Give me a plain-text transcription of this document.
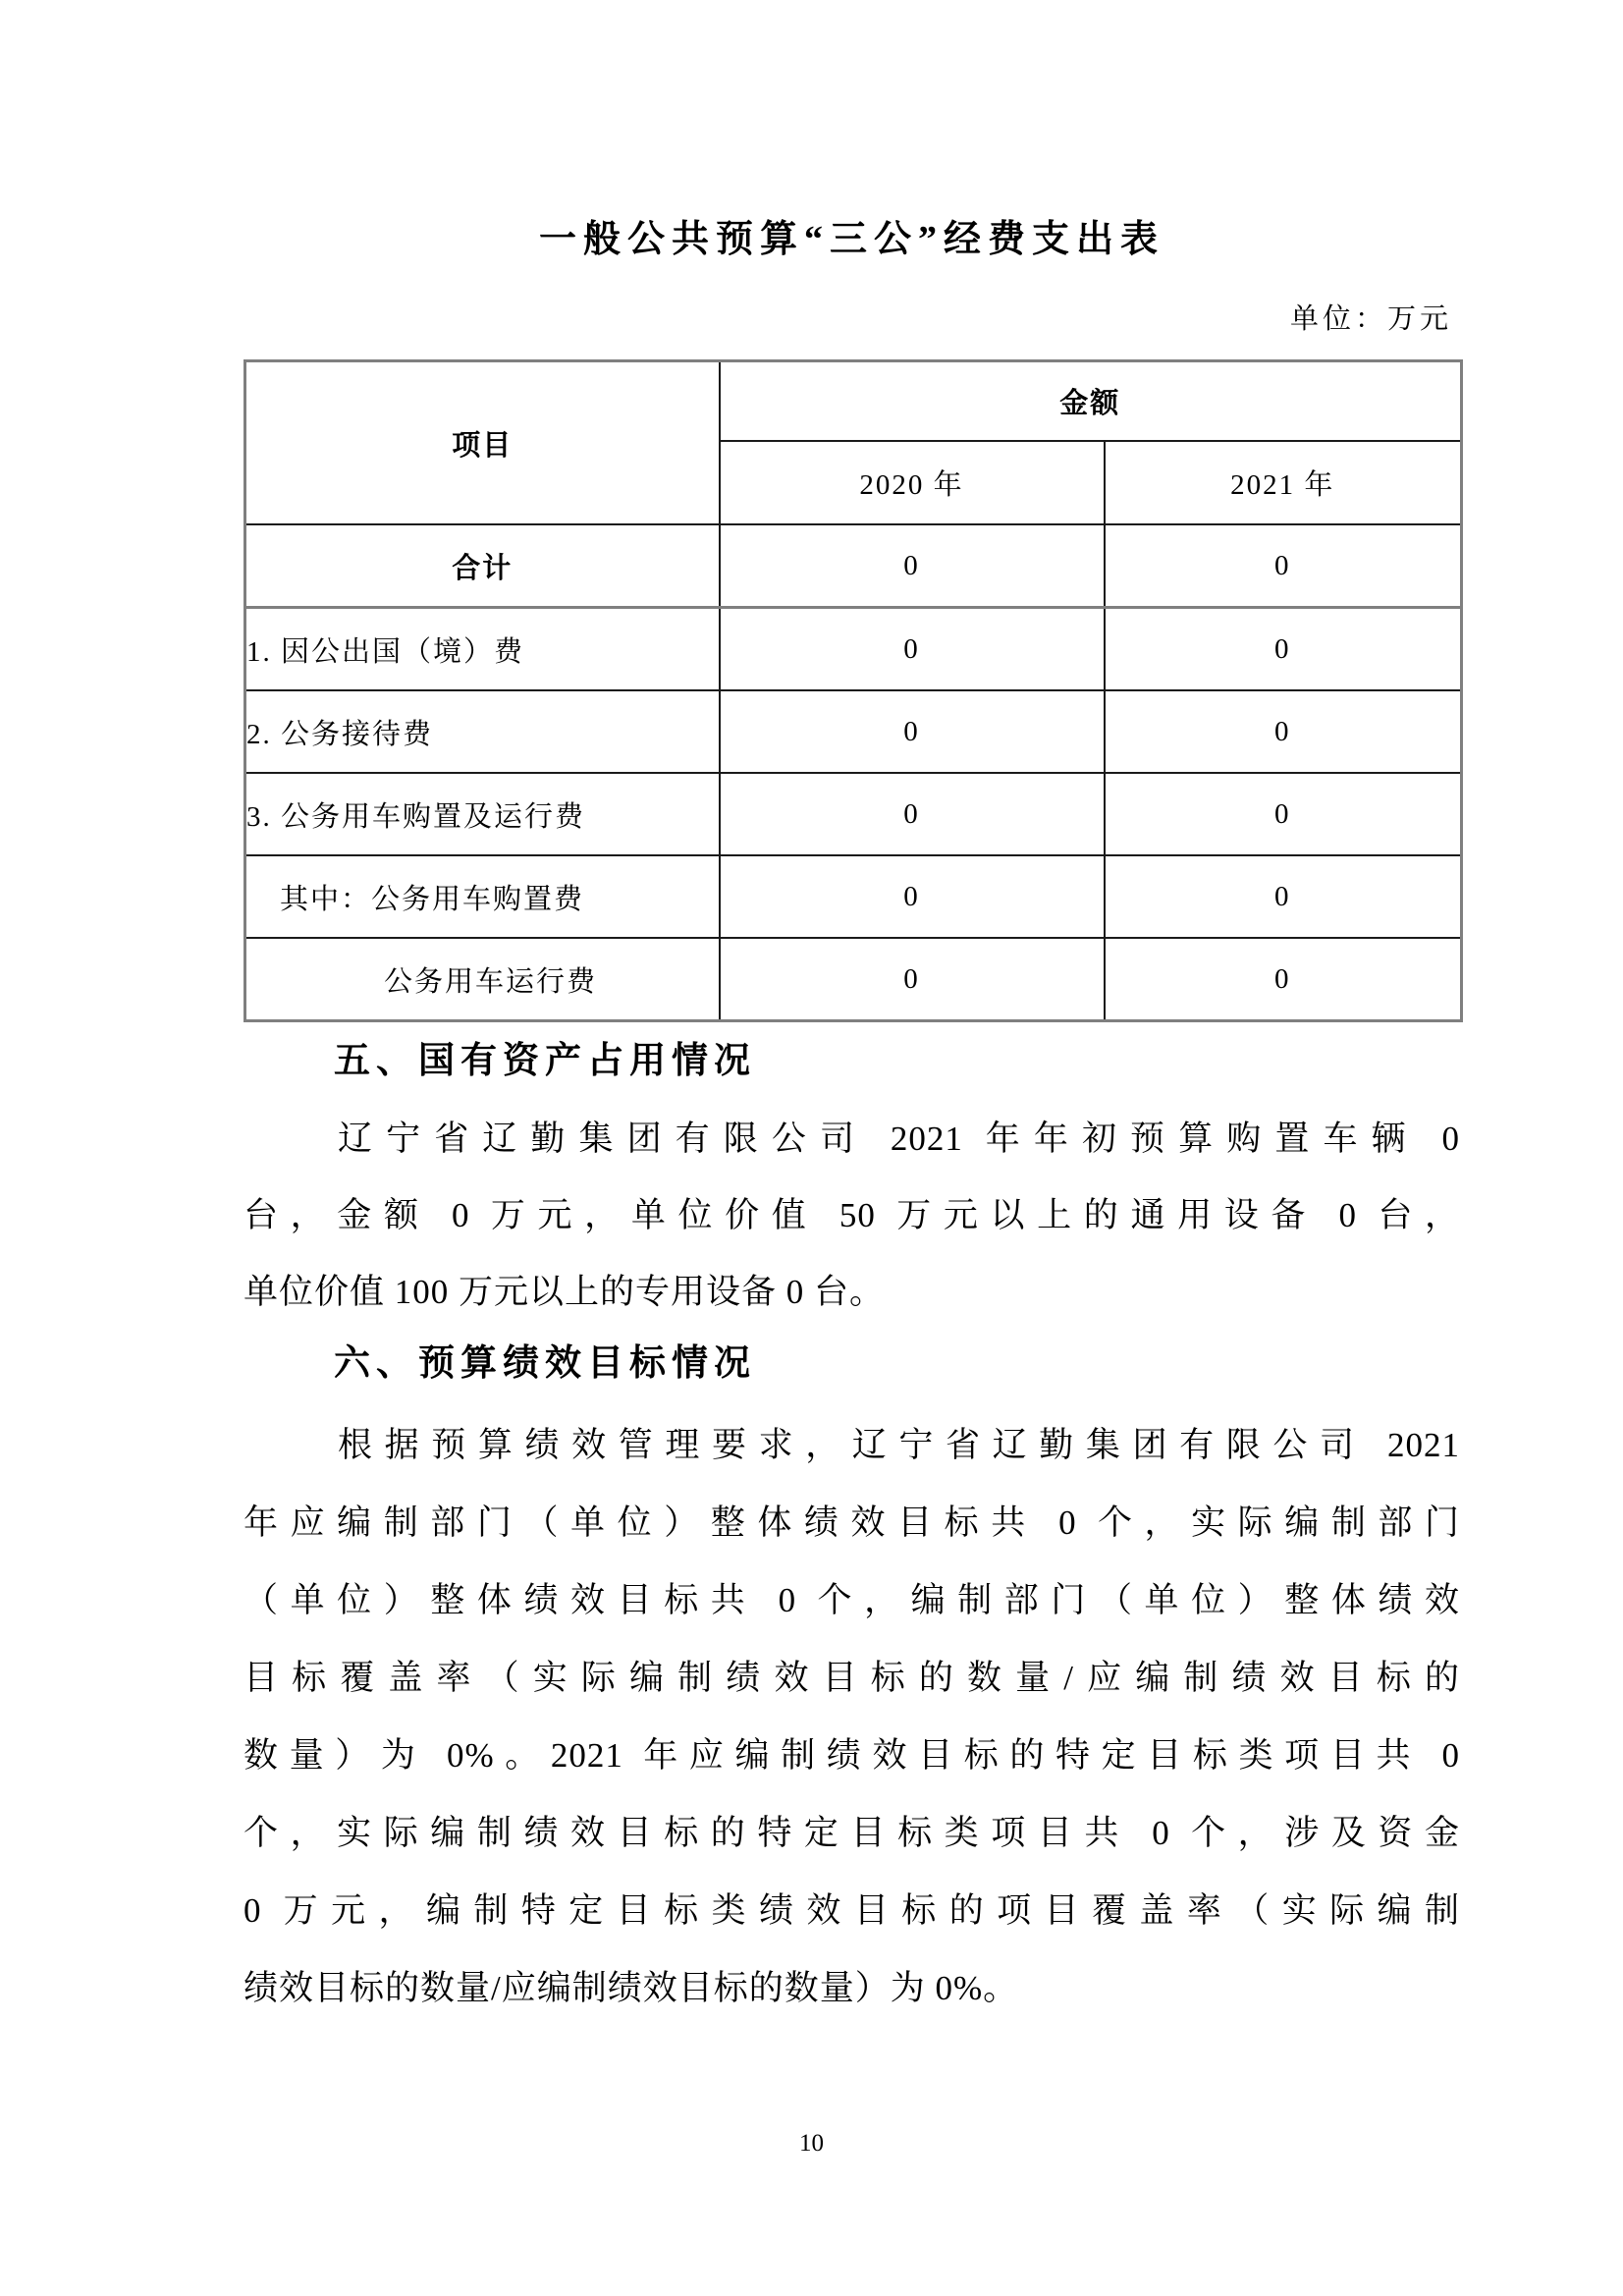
一般公共预算“三公”经费支出表
单位：万元
项目	金额	
	2020 年	2021 年
合计	0	0
1. 因公出国（境）费	0	0
2. 公务接待费	0	0
3. 公务用车购置及运行费	0	0
其中：公务用车购置费	0	0
公务用车运行费	0	0
五、国有资产占用情况
辽宁省辽勤集团有限公司 2021 年年初预算购置车辆 0
台，金额 0 万元，单位价值 50 万元以上的通用设备 0 台，
单位价值 100 万元以上的专用设备 0 台。
六、预算绩效目标情况
根据预算绩效管理要求，辽宁省辽勤集团有限公司 2021
年应编制部门（单位）整体绩效目标共 0 个，实际编制部门
（单位）整体绩效目标共 0 个，编制部门（单位）整体绩效
目标覆盖率（实际编制绩效目标的数量/应编制绩效目标的
数量）为 0%。2021 年应编制绩效目标的特定目标类项目共 0
个，实际编制绩效目标的特定目标类项目共 0 个，涉及资金
0 万元，编制特定目标类绩效目标的项目覆盖率（实际编制
绩效目标的数量/应编制绩效目标的数量）为 0%。
10
